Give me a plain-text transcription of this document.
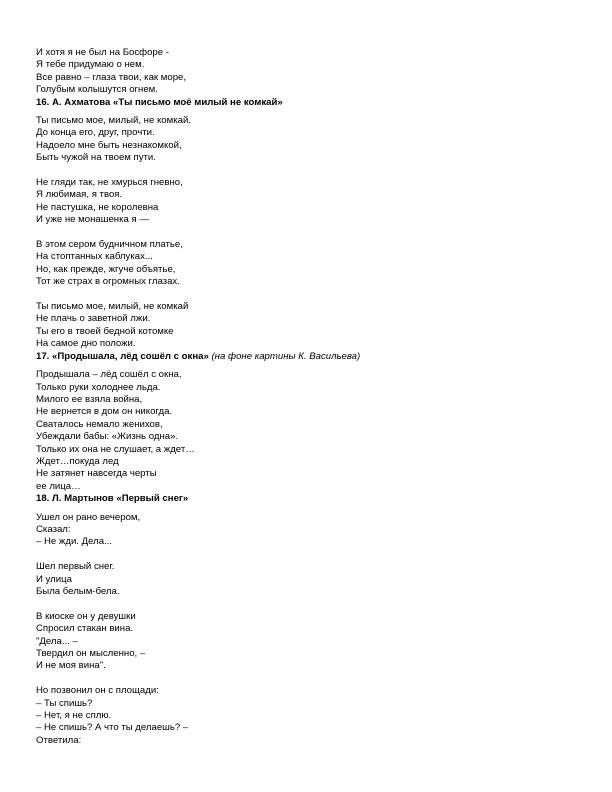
И хотя я не был на Босфоре -
Я тебе придумаю о нем.
Все равно – глаза твои, как море,
Голубым колышутся огнем.
16. А. Ахматова «Ты письмо моё милый не комкай»
Ты письмо мое, милый, не комкай.
До конца его, друг, прочти.
Надоело мне быть незнакомкой,
Быть чужой на твоем пути.
Не гляди так, не хмурься гневно,
Я любимая, я твоя.
Не пастушка, не королевна
И уже не монашенка я —
В этом сером будничном платье,
На стоптанных каблуках...
Но, как прежде, жгуче объятье,
Тот же страх в огромных глазах.
Ты письмо мое, милый, не комкай
Не плачь о заветной лжи.
Ты его в твоей бедной котомке
На самое дно положи.
17. «Продышала, лёд сошёл с окна» (на фоне картины К. Васильева)
Продышала – лёд сошёл с окна,
Только руки холоднее льда.
Милого ее взяла война,
Не вернется в дом он никогда.
Сваталось немало женихов,
Убеждали бабы: «Жизнь одна».
Только их она не слушает, а ждет…
Ждет…покуда лед
Не затянет навсегда черты
ее лица…
18. Л. Мартынов «Первый снег»
Ушел он рано вечером,
Сказал:
– Не жди. Дела...
Шел первый снег.
И улица
Была белым-бела.
В киоске он у девушки
Спросил стакан вина.
"Дела... –
Твердил он мысленно, –
И не моя вина".
Но позвонил он с площади:
– Ты спишь?
– Нет, я не сплю.
– Не спишь? А что ты делаешь? –
Ответила:
